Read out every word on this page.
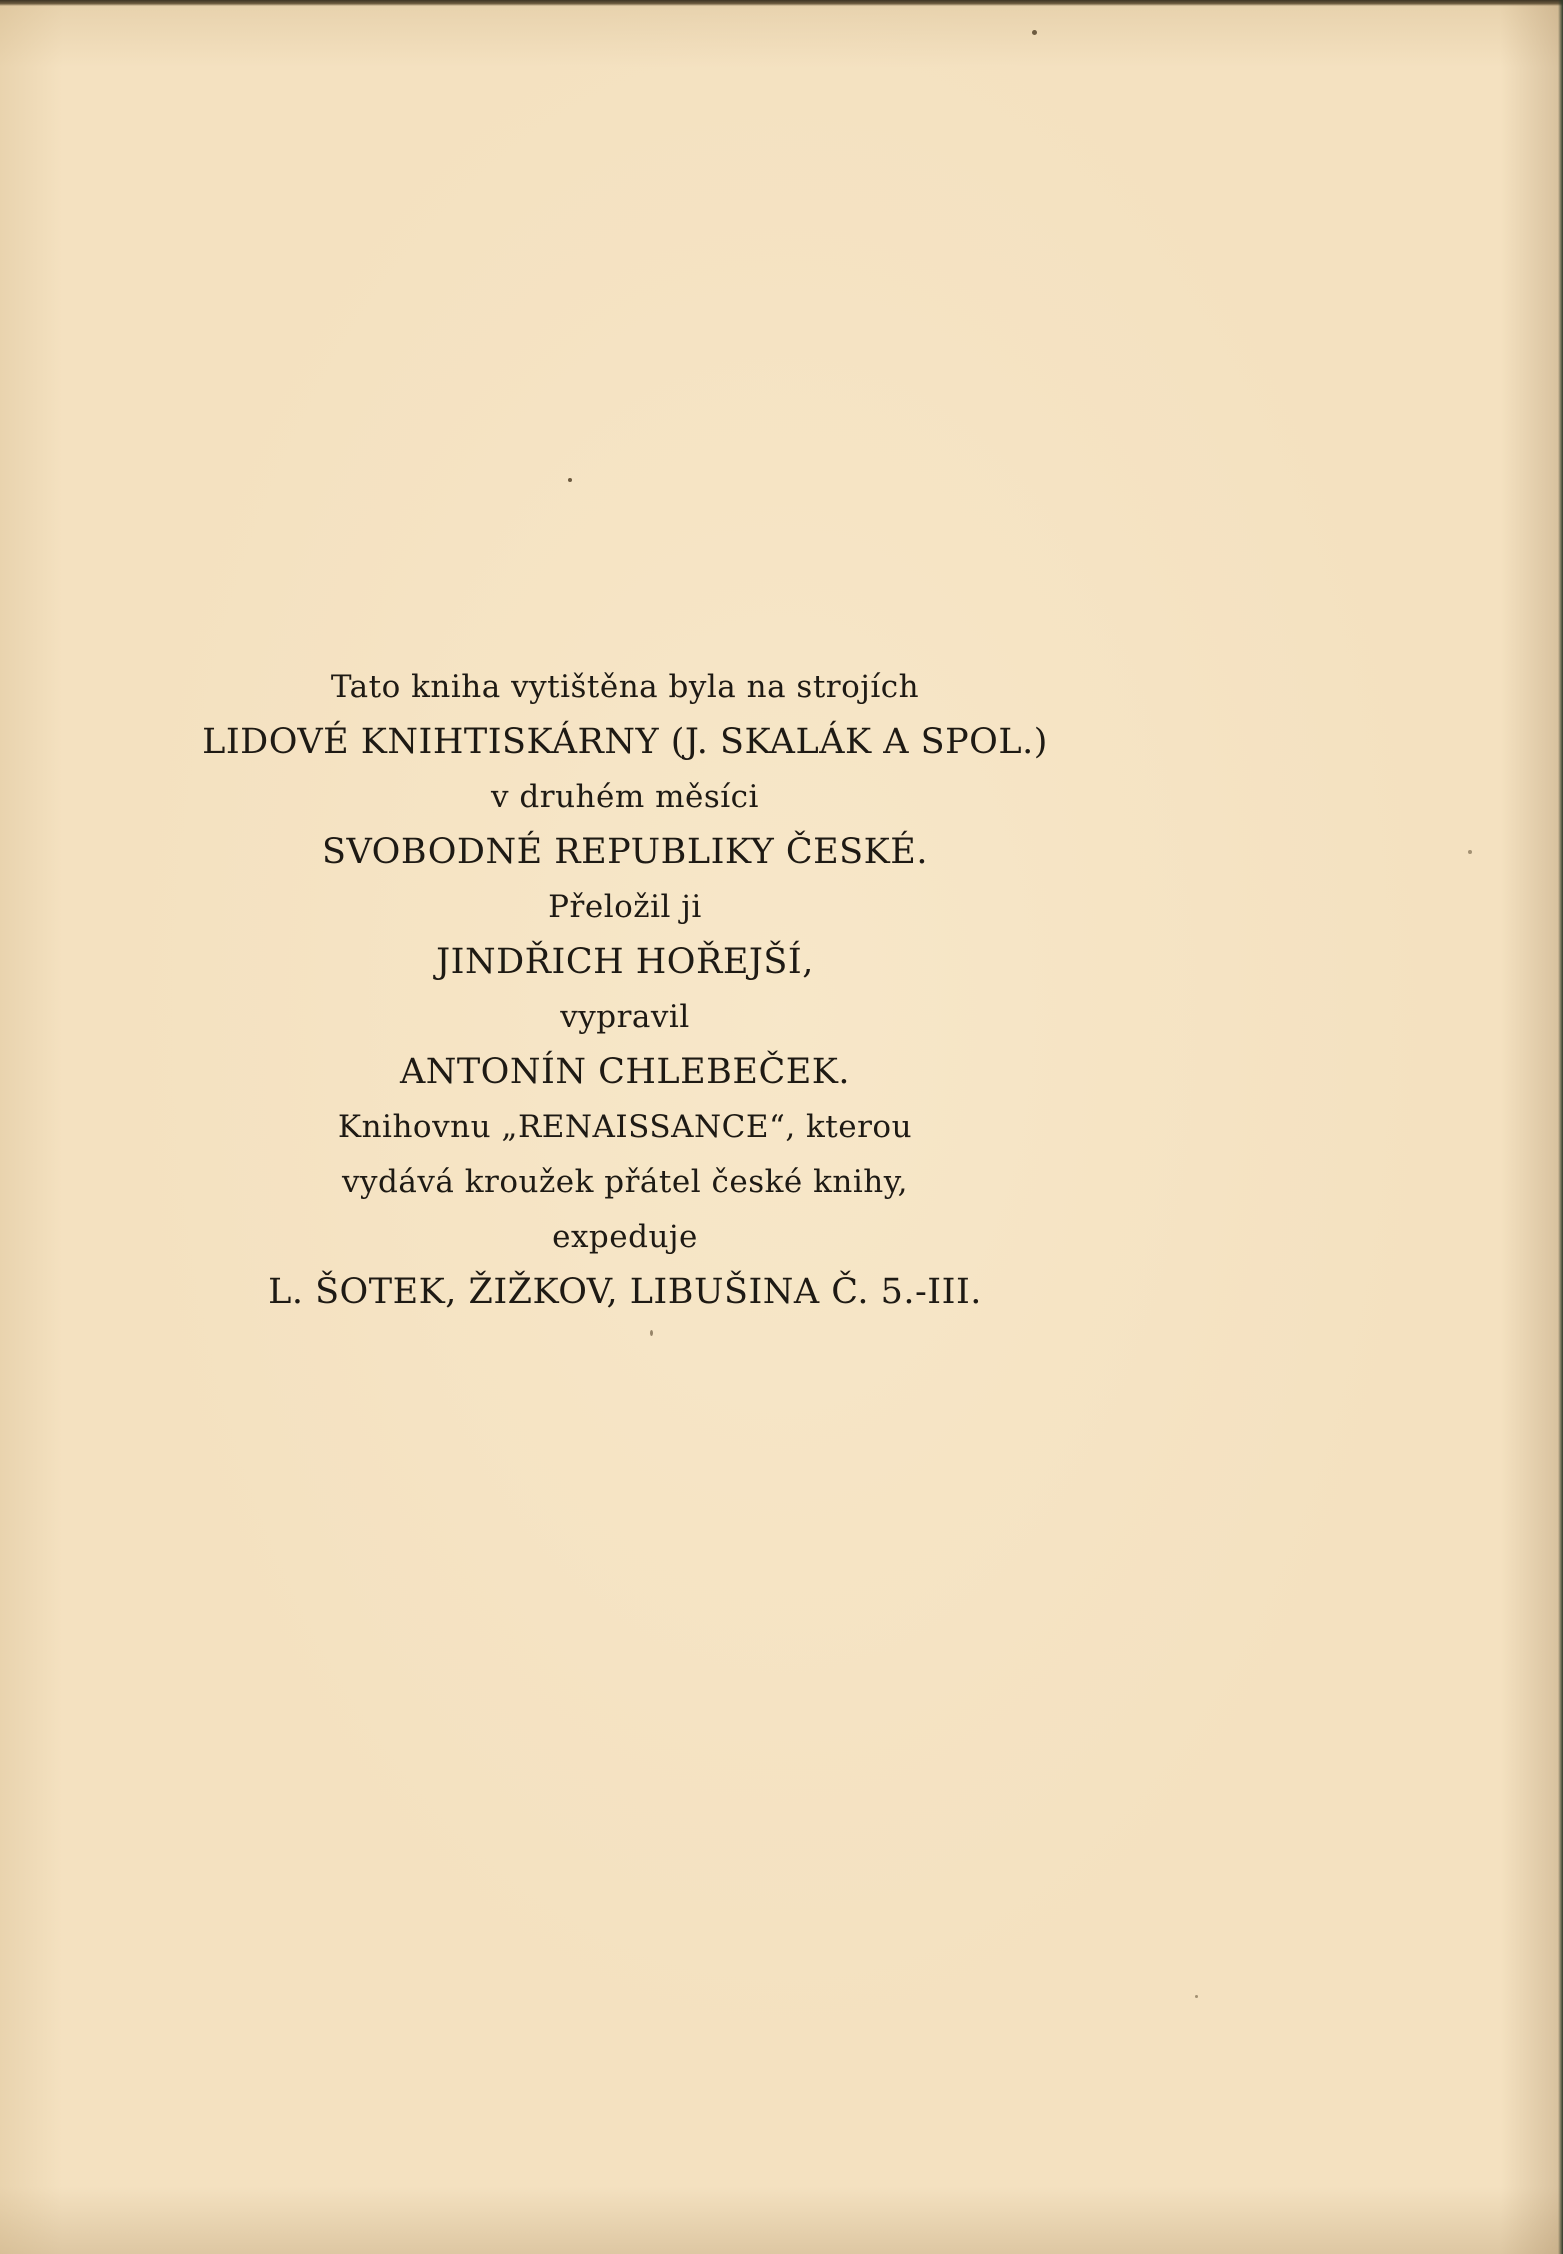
Tato kniha vytištěna byla na strojích
LIDOVÉ KNIHTISKÁRNY (J. SKALÁK A SPOL.)
v druhém měsíci
SVOBODNÉ REPUBLIKY ČESKÉ.
Přeložil ji
JINDŘICH HOŘEJŠÍ,
vypravil
ANTONÍN CHLEBEČEK.
Knihovnu „RENAISSANCE“, kterou
vydává kroužek přátel české knihy,
expeduje
L. ŠOTEK, ŽIŽKOV, LIBUŠINA Č. 5.-III.
